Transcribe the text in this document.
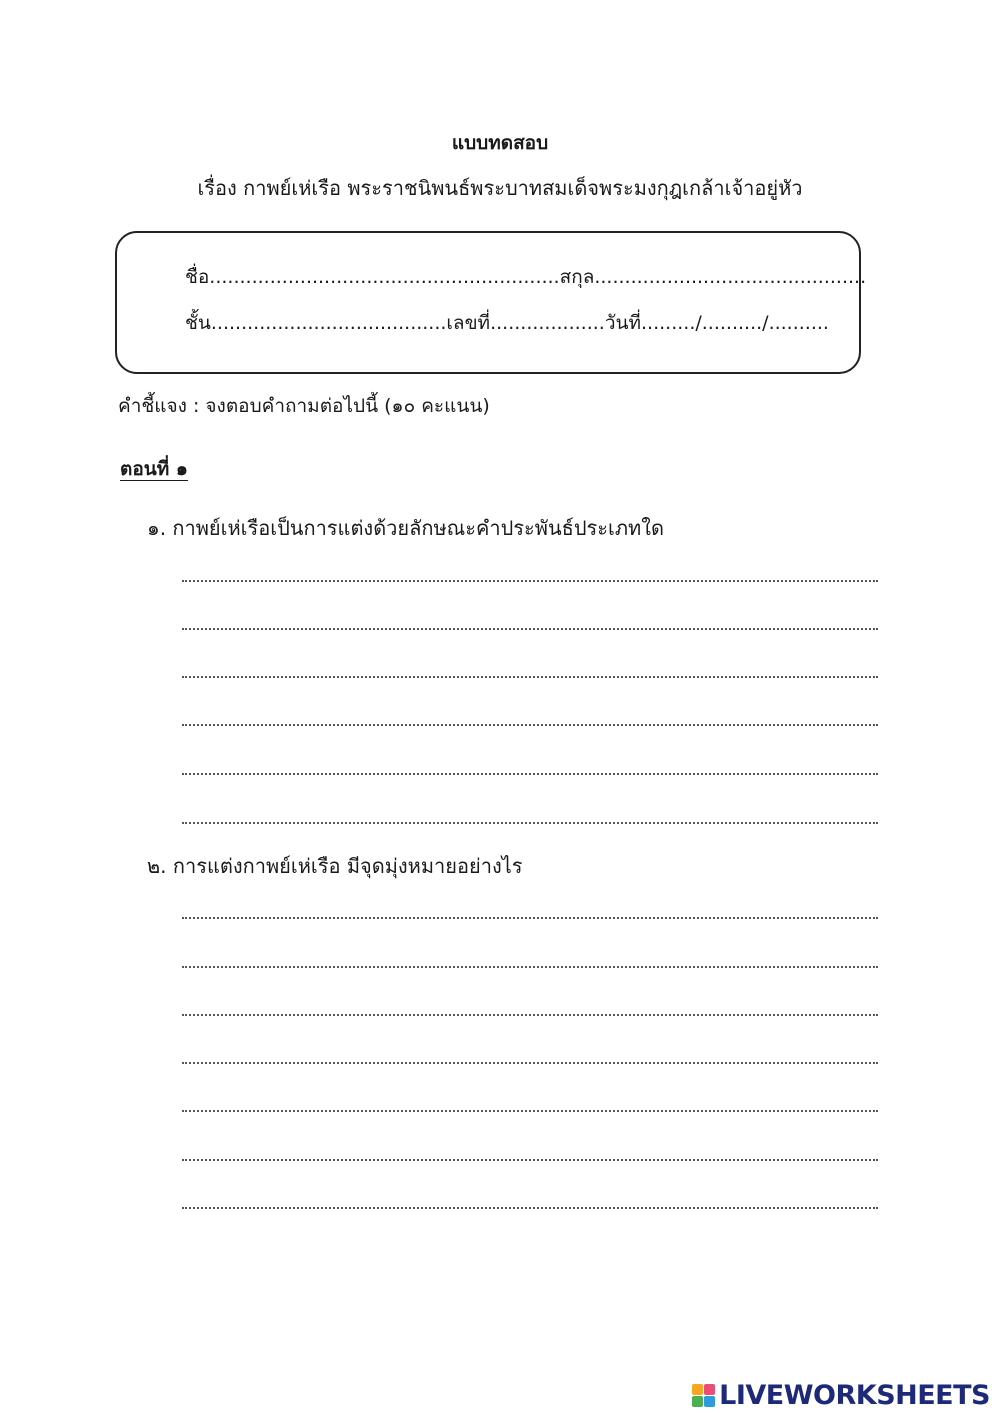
แบบทดสอบ
เรื่อง กาพย์เห่เรือ พระราชนิพนธ์พระบาทสมเด็จพระมงกุฎเกล้าเจ้าอยู่หัว
ชื่อ..........................................................สกุล.............................................
ชั้น.......................................เลขที่...................วันที่........./........../..........
คำชี้แจง : จงตอบคำถามต่อไปนี้ (๑๐ คะแนน)
ตอนที่ ๑
๑. กาพย์เห่เรือเป็นการแต่งด้วยลักษณะคำประพันธ์ประเภทใด
๒. การแต่งกาพย์เห่เรือ มีจุดมุ่งหมายอย่างไร
LIVEWORKSHEETS
